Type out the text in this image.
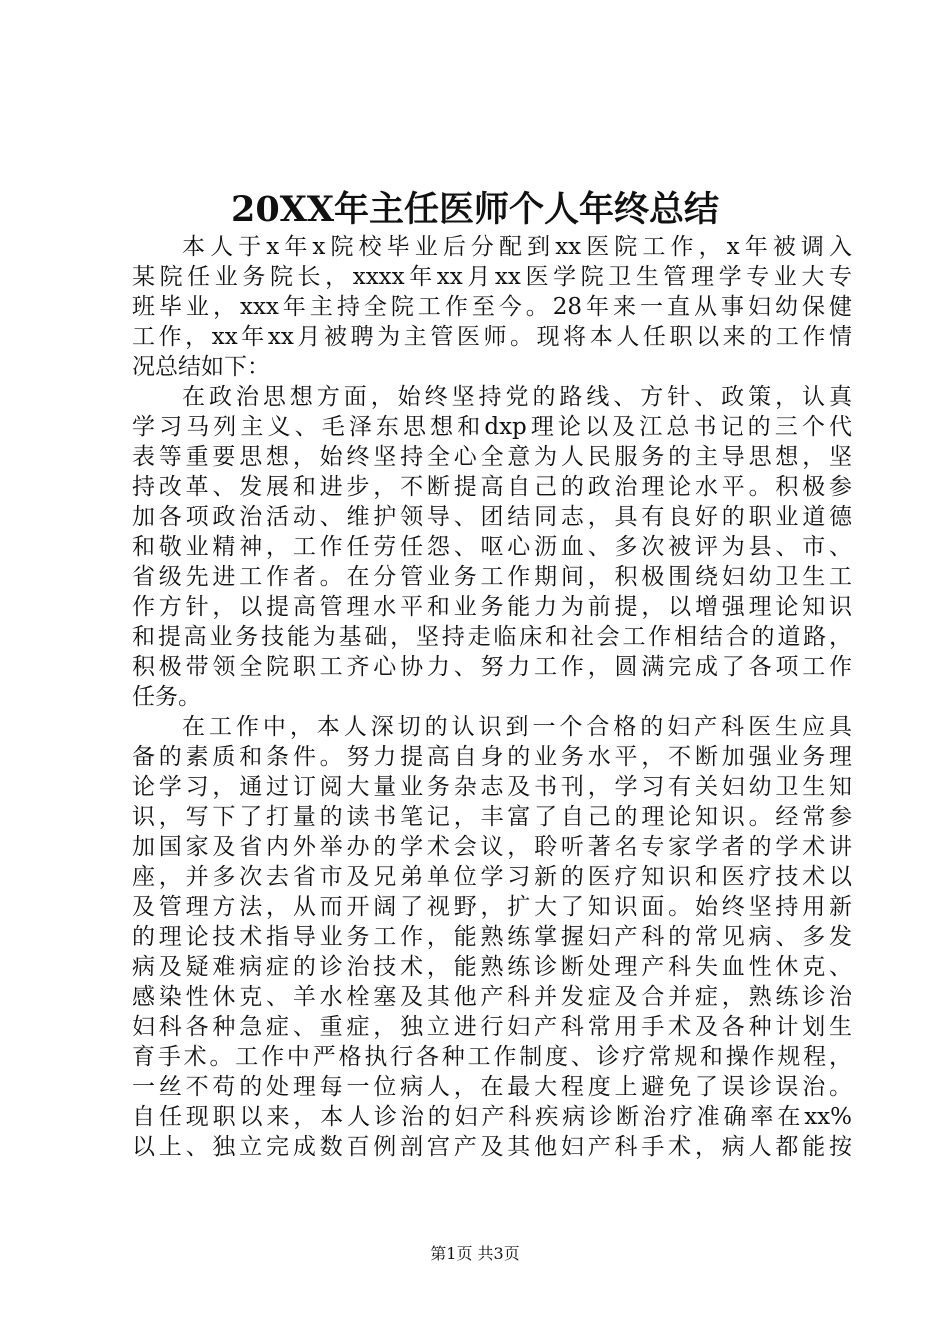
20XX年主任医师个人年终总结
本人于x年x院校毕业后分配到xx医院工作，x年被调入
某院任业务院长，xxxx年xx月xx医学院卫生管理学专业大专
班毕业，xxx年主持全院工作至今。28年来一直从事妇幼保健
工作，xx年xx月被聘为主管医师。现将本人任职以来的工作情
况总结如下：
在政治思想方面，始终坚持党的路线、方针、政策，认真
学习马列主义、毛泽东思想和dxp理论以及江总书记的三个代
表等重要思想，始终坚持全心全意为人民服务的主导思想，坚
持改革、发展和进步，不断提高自己的政治理论水平。积极参
加各项政治活动、维护领导、团结同志，具有良好的职业道德
和敬业精神，工作任劳任怨、呕心沥血、多次被评为县、市、
省级先进工作者。在分管业务工作期间，积极围绕妇幼卫生工
作方针，以提高管理水平和业务能力为前提，以增强理论知识
和提高业务技能为基础，坚持走临床和社会工作相结合的道路，
积极带领全院职工齐心协力、努力工作，圆满完成了各项工作
任务。
在工作中，本人深切的认识到一个合格的妇产科医生应具
备的素质和条件。努力提高自身的业务水平，不断加强业务理
论学习，通过订阅大量业务杂志及书刊，学习有关妇幼卫生知
识，写下了打量的读书笔记，丰富了自己的理论知识。经常参
加国家及省内外举办的学术会议，聆听著名专家学者的学术讲
座，并多次去省市及兄弟单位学习新的医疗知识和医疗技术以
及管理方法，从而开阔了视野，扩大了知识面。始终坚持用新
的理论技术指导业务工作，能熟练掌握妇产科的常见病、多发
病及疑难病症的诊治技术，能熟练诊断处理产科失血性休克、
感染性休克、羊水栓塞及其他产科并发症及合并症，熟练诊治
妇科各种急症、重症，独立进行妇产科常用手术及各种计划生
育手术。工作中严格执行各种工作制度、诊疗常规和操作规程，
一丝不苟的处理每一位病人，在最大程度上避免了误诊误治。
自任现职以来，本人诊治的妇产科疾病诊断治疗准确率在xx%
以上、独立完成数百例剖宫产及其他妇产科手术，病人都能按
第1页 共3页
